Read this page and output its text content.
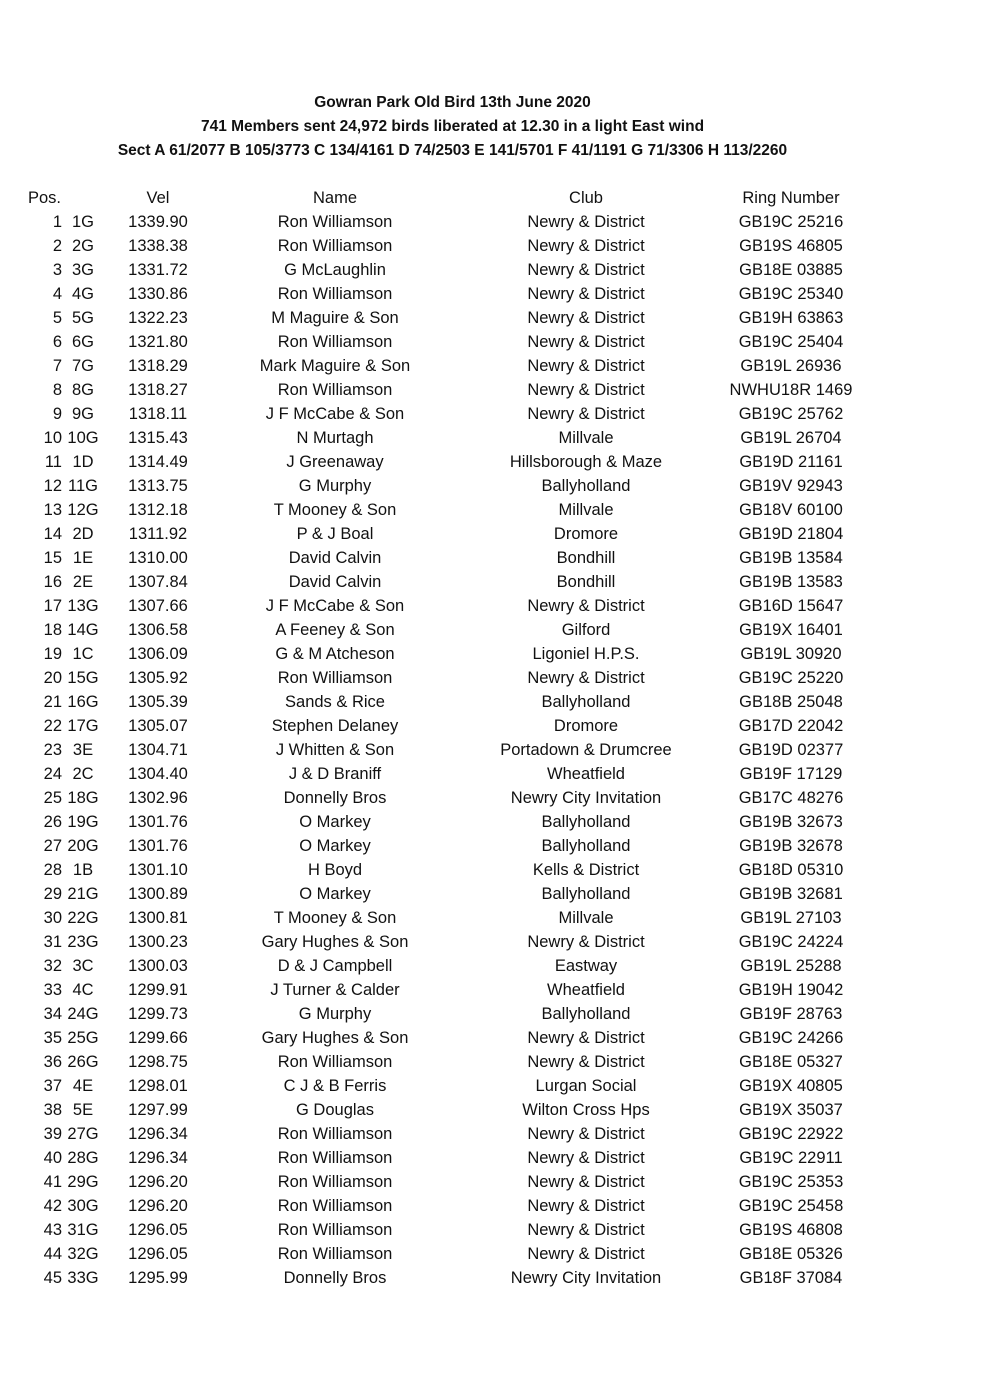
Gowran Park Old Bird 13th June 2020
741 Members sent 24,972 birds liberated at 12.30 in a light East wind
Sect A 61/2077 B 105/3773 C 134/4161 D 74/2503 E 141/5701 F 41/1191 G 71/3306 H 113/2260
Pos.	Vel	Name	Club	Ring Number
1 1G	1339.90	Ron Williamson	Newry & District	GB19C 25216
2 2G	1338.38	Ron Williamson	Newry & District	GB19S 46805
3 3G	1331.72	G McLaughlin	Newry & District	GB18E 03885
4 4G	1330.86	Ron Williamson	Newry & District	GB19C 25340
5 5G	1322.23	M Maguire & Son	Newry & District	GB19H 63863
6 6G	1321.80	Ron Williamson	Newry & District	GB19C 25404
7 7G	1318.29	Mark Maguire & Son	Newry & District	GB19L 26936
8 8G	1318.27	Ron Williamson	Newry & District	NWHU18R 1469
9 9G	1318.11	J F McCabe & Son	Newry & District	GB19C 25762
10 10G	1315.43	N Murtagh	Millvale	GB19L 26704
11 1D	1314.49	J Greenaway	Hillsborough & Maze	GB19D 21161
12 11G	1313.75	G Murphy	Ballyholland	GB19V 92943
13 12G	1312.18	T Mooney & Son	Millvale	GB18V 60100
14 2D	1311.92	P & J Boal	Dromore	GB19D 21804
15 1E	1310.00	David Calvin	Bondhill	GB19B 13584
16 2E	1307.84	David Calvin	Bondhill	GB19B 13583
17 13G	1307.66	J F McCabe & Son	Newry & District	GB16D 15647
18 14G	1306.58	A Feeney & Son	Gilford	GB19X 16401
19 1C	1306.09	G & M Atcheson	Ligoniel H.P.S.	GB19L 30920
20 15G	1305.92	Ron Williamson	Newry & District	GB19C 25220
21 16G	1305.39	Sands & Rice	Ballyholland	GB18B 25048
22 17G	1305.07	Stephen Delaney	Dromore	GB17D 22042
23 3E	1304.71	J Whitten & Son	Portadown & Drumcree	GB19D 02377
24 2C	1304.40	J & D Braniff	Wheatfield	GB19F 17129
25 18G	1302.96	Donnelly Bros	Newry City Invitation	GB17C 48276
26 19G	1301.76	O Markey	Ballyholland	GB19B 32673
27 20G	1301.76	O Markey	Ballyholland	GB19B 32678
28 1B	1301.10	H Boyd	Kells & District	GB18D 05310
29 21G	1300.89	O Markey	Ballyholland	GB19B 32681
30 22G	1300.81	T Mooney & Son	Millvale	GB19L 27103
31 23G	1300.23	Gary Hughes & Son	Newry & District	GB19C 24224
32 3C	1300.03	D & J Campbell	Eastway	GB19L 25288
33 4C	1299.91	J Turner & Calder	Wheatfield	GB19H 19042
34 24G	1299.73	G Murphy	Ballyholland	GB19F 28763
35 25G	1299.66	Gary Hughes & Son	Newry & District	GB19C 24266
36 26G	1298.75	Ron Williamson	Newry & District	GB18E 05327
37 4E	1298.01	C J & B Ferris	Lurgan Social	GB19X 40805
38 5E	1297.99	G Douglas	Wilton Cross Hps	GB19X 35037
39 27G	1296.34	Ron Williamson	Newry & District	GB19C 22922
40 28G	1296.34	Ron Williamson	Newry & District	GB19C 22911
41 29G	1296.20	Ron Williamson	Newry & District	GB19C 25353
42 30G	1296.20	Ron Williamson	Newry & District	GB19C 25458
43 31G	1296.05	Ron Williamson	Newry & District	GB19S 46808
44 32G	1296.05	Ron Williamson	Newry & District	GB18E 05326
45 33G	1295.99	Donnelly Bros	Newry City Invitation	GB18F 37084
